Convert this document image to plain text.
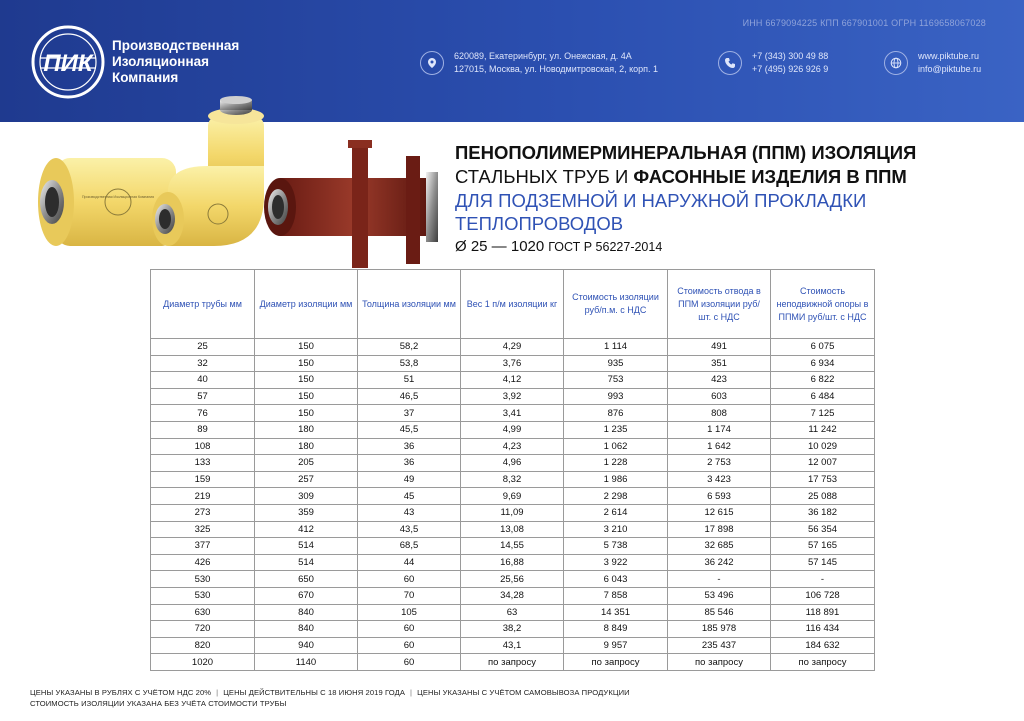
ПИК
Производственная
Изоляционная
Компания
ИНН 6679094225 КПП 667901001 ОГРН 1169658067028
620089, Екатеринбург, ул. Онежская, д. 4А
127015, Москва, ул. Новодмитровская, 2, корп. 1
+7 (343) 300 49 88
+7 (495) 926 926 9
www.piktube.ru
info@piktube.ru
Производственная Изоляционная Компания
ПЕНОПОЛИМЕРМИНЕРАЛЬНАЯ (ППМ) ИЗОЛЯЦИЯ
СТАЛЬНЫХ ТРУБ И ФАСОННЫЕ ИЗДЕЛИЯ В ППМ
ДЛЯ ПОДЗЕМНОЙ И НАРУЖНОЙ ПРОКЛАДКИ
ТЕПЛОПРОВОДОВ
Ø 25 — 1020 ГОСТ Р 56227-2014
Диаметр трубы мм	Диаметр изоляции мм	Толщина изоляции мм	Вес 1 п/м изоляции кг	Стоимость изоляции руб/п.м. с НДС	Стоимость отвода в ППМ изоляции руб/шт. с НДС	Стоимость неподвижной опоры в ППМИ руб/шт. с НДС
25	150	58,2	4,29	1 114	491	6 075
32	150	53,8	3,76	935	351	6 934
40	150	51	4,12	753	423	6 822
57	150	46,5	3,92	993	603	6 484
76	150	37	3,41	876	808	7 125
89	180	45,5	4,99	1 235	1 174	11 242
108	180	36	4,23	1 062	1 642	10 029
133	205	36	4,96	1 228	2 753	12 007
159	257	49	8,32	1 986	3 423	17 753
219	309	45	9,69	2 298	6 593	25 088
273	359	43	11,09	2 614	12 615	36 182
325	412	43,5	13,08	3 210	17 898	56 354
377	514	68,5	14,55	5 738	32 685	57 165
426	514	44	16,88	3 922	36 242	57 145
530	650	60	25,56	6 043	-	-
530	670	70	34,28	7 858	53 496	106 728
630	840	105	63	14 351	85 546	118 891
720	840	60	38,2	8 849	185 978	116 434
820	940	60	43,1	9 957	235 437	184 632
1020	1140	60	по запросу	по запросу	по запросу	по запросу
ЦЕНЫ УКАЗАНЫ В РУБЛЯХ С УЧЁТОМ НДС 20% | ЦЕНЫ ДЕЙСТВИТЕЛЬНЫ С 18 ИЮНЯ 2019 ГОДА | ЦЕНЫ УКАЗАНЫ С УЧЁТОМ САМОВЫВОЗА ПРОДУКЦИИ
СТОИМОСТЬ ИЗОЛЯЦИИ УКАЗАНА БЕЗ УЧЁТА СТОИМОСТИ ТРУБЫ
